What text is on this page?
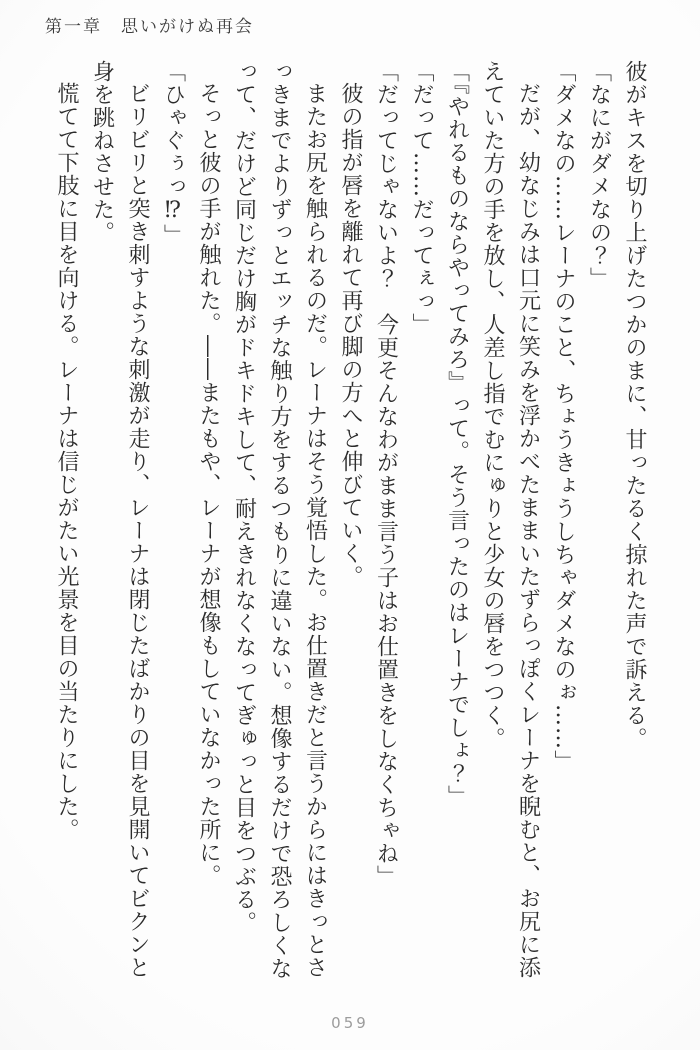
第一章　思いがけぬ再会

彼がキスを切り上げたつかのまに、甘ったるく掠れた声で訴える。

「なにがダメなの？」

「ダメなの……レーナのこと、ちょうきょうしちゃダメなのぉ……」

だが、幼なじみは口元に笑みを浮かべたままいたずらっぽくレーナを睨むと、お尻に添

えていた方の手を放し、人差し指でむにゅりと少女の唇をつつく。

「『やれるものならやってみろ』って。そう言ったのはレーナでしょ？」

「だって……だってぇっ」

「だってじゃないよ？　今更そんなわがまま言う子はお仕置きをしなくちゃね」

彼の指が唇を離れて再び脚の方へと伸びていく。

またお尻を触られるのだ。レーナはそう覚悟した。お仕置きだと言うからにはきっとさ

っきまでよりずっとエッチな触り方をするつもりに違いない。想像するだけで恐ろしくな

って、だけど同じだけ胸がドキドキして、耐えきれなくなってぎゅっと目をつぶる。

そっと彼の手が触れた。――またもや、レーナが想像もしていなかった所に。

「ひゃぐぅっ⁉」

ビリビリと突き刺すような刺激が走り、レーナは閉じたばかりの目を見開いてビクンと

身を跳ねさせた。

慌てて下肢に目を向ける。レーナは信じがたい光景を目の当たりにした。

059
